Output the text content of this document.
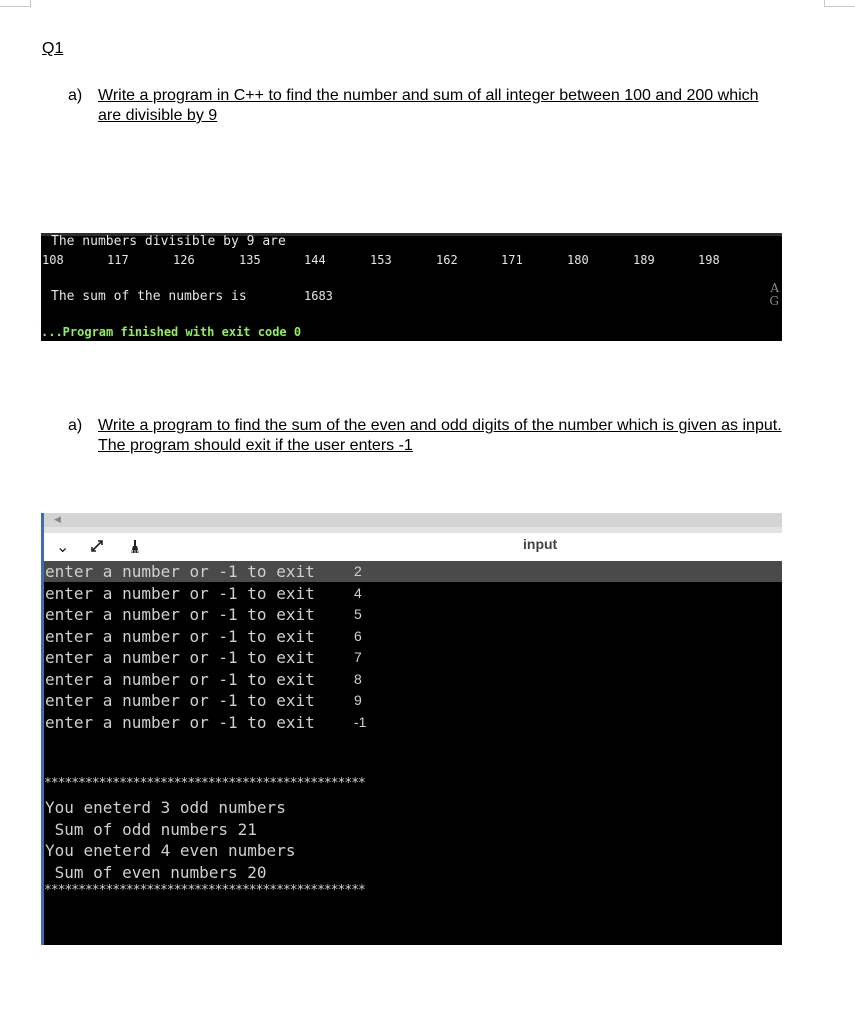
Q1
a) Write a program in C++ to find the number and sum of all integer between 100 and 200 which are divisible by 9
The numbers divisible by 9 are
108	117	126	135	144	153	162	171	180	189	198
The sum of the numbers is	1683
...Program finished with exit code 0
A
G
a) Write a program to find the sum of the even and odd digits of the number which is given as input. The program should exit if the user enters -1
◀
⌄	input
enter a number or -1 to exit	2
enter a number or -1 to exit	4
enter a number or -1 to exit	5
enter a number or -1 to exit	6
enter a number or -1 to exit	7
enter a number or -1 to exit	8
enter a number or -1 to exit	9
enter a number or -1 to exit	-1
***********************************************
You eneterd 3 odd numbers
Sum of odd numbers 21
You eneterd 4 even numbers
Sum of even numbers 20
***********************************************
